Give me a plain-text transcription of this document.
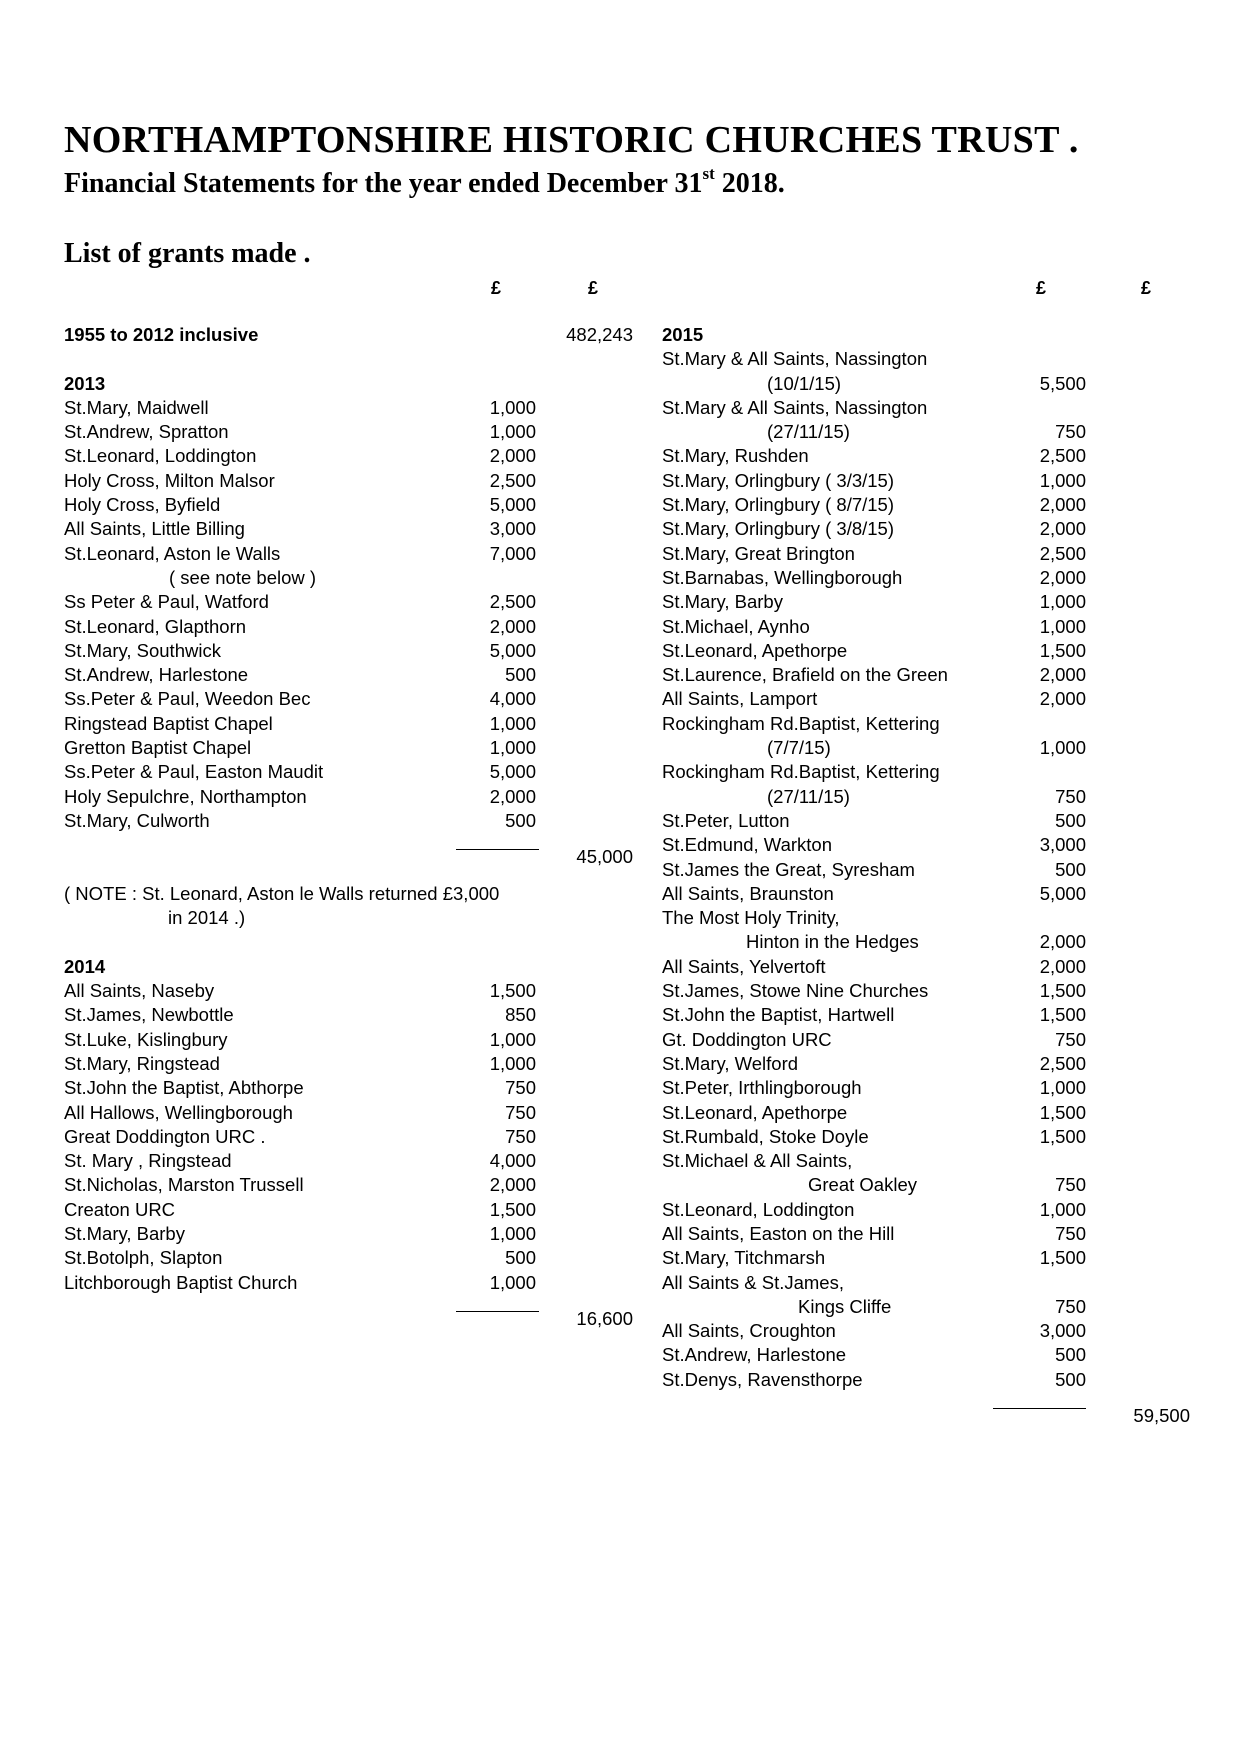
NORTHAMPTONSHIRE HISTORIC CHURCHES TRUST .
Financial Statements for the year ended December 31st 2018.
List of grants made .
£	£	£	£
1955 to 2012 inclusive	482,243
2013
St.Mary, Maidwell	1,000
St.Andrew, Spratton	1,000
St.Leonard, Loddington	2,000
Holy Cross, Milton Malsor	2,500
Holy Cross, Byfield	5,000
All Saints, Little Billing	3,000
St.Leonard, Aston le Walls	7,000
( see note below )
Ss Peter & Paul, Watford	2,500
St.Leonard, Glapthorn	2,000
St.Mary, Southwick	5,000
St.Andrew, Harlestone	500
Ss.Peter & Paul, Weedon Bec	4,000
Ringstead Baptist Chapel	1,000
Gretton Baptist Chapel	1,000
Ss.Peter & Paul, Easton Maudit	5,000
Holy Sepulchre, Northampton	2,000
St.Mary, Culworth	500
45,000
( NOTE : St. Leonard, Aston le Walls returned £3,000
in 2014 .)
2014
All Saints, Naseby	1,500
St.James, Newbottle	850
St.Luke, Kislingbury	1,000
St.Mary, Ringstead	1,000
St.John the Baptist, Abthorpe	750
All Hallows, Wellingborough	750
Great Doddington URC .	750
St. Mary , Ringstead	4,000
St.Nicholas, Marston Trussell	2,000
Creaton URC	1,500
St.Mary, Barby	1,000
St.Botolph, Slapton	500
Litchborough Baptist Church	1,000
16,600
2015
St.Mary & All Saints, Nassington
(10/1/15)	5,500
St.Mary & All Saints, Nassington
(27/11/15)	750
St.Mary, Rushden	2,500
St.Mary, Orlingbury ( 3/3/15)	1,000
St.Mary, Orlingbury ( 8/7/15)	2,000
St.Mary, Orlingbury ( 3/8/15)	2,000
St.Mary, Great Brington	2,500
St.Barnabas, Wellingborough	2,000
St.Mary, Barby	1,000
St.Michael, Aynho	1,000
St.Leonard, Apethorpe	1,500
St.Laurence, Brafield on the Green	2,000
All Saints, Lamport	2,000
Rockingham Rd.Baptist, Kettering
(7/7/15)	1,000
Rockingham Rd.Baptist, Kettering
(27/11/15)	750
St.Peter, Lutton	500
St.Edmund, Warkton	3,000
St.James the Great, Syresham	500
All Saints, Braunston	5,000
The Most Holy Trinity,
Hinton in the Hedges	2,000
All Saints, Yelvertoft	2,000
St.James, Stowe Nine Churches	1,500
St.John the Baptist, Hartwell	1,500
Gt. Doddington URC	750
St.Mary, Welford	2,500
St.Peter, Irthlingborough	1,000
St.Leonard, Apethorpe	1,500
St.Rumbald, Stoke Doyle	1,500
St.Michael & All Saints,
Great Oakley	750
St.Leonard, Loddington	1,000
All Saints, Easton on the Hill	750
St.Mary, Titchmarsh	1,500
All Saints & St.James,
Kings Cliffe	750
All Saints, Croughton	3,000
St.Andrew, Harlestone	500
St.Denys, Ravensthorpe	500
59,500
